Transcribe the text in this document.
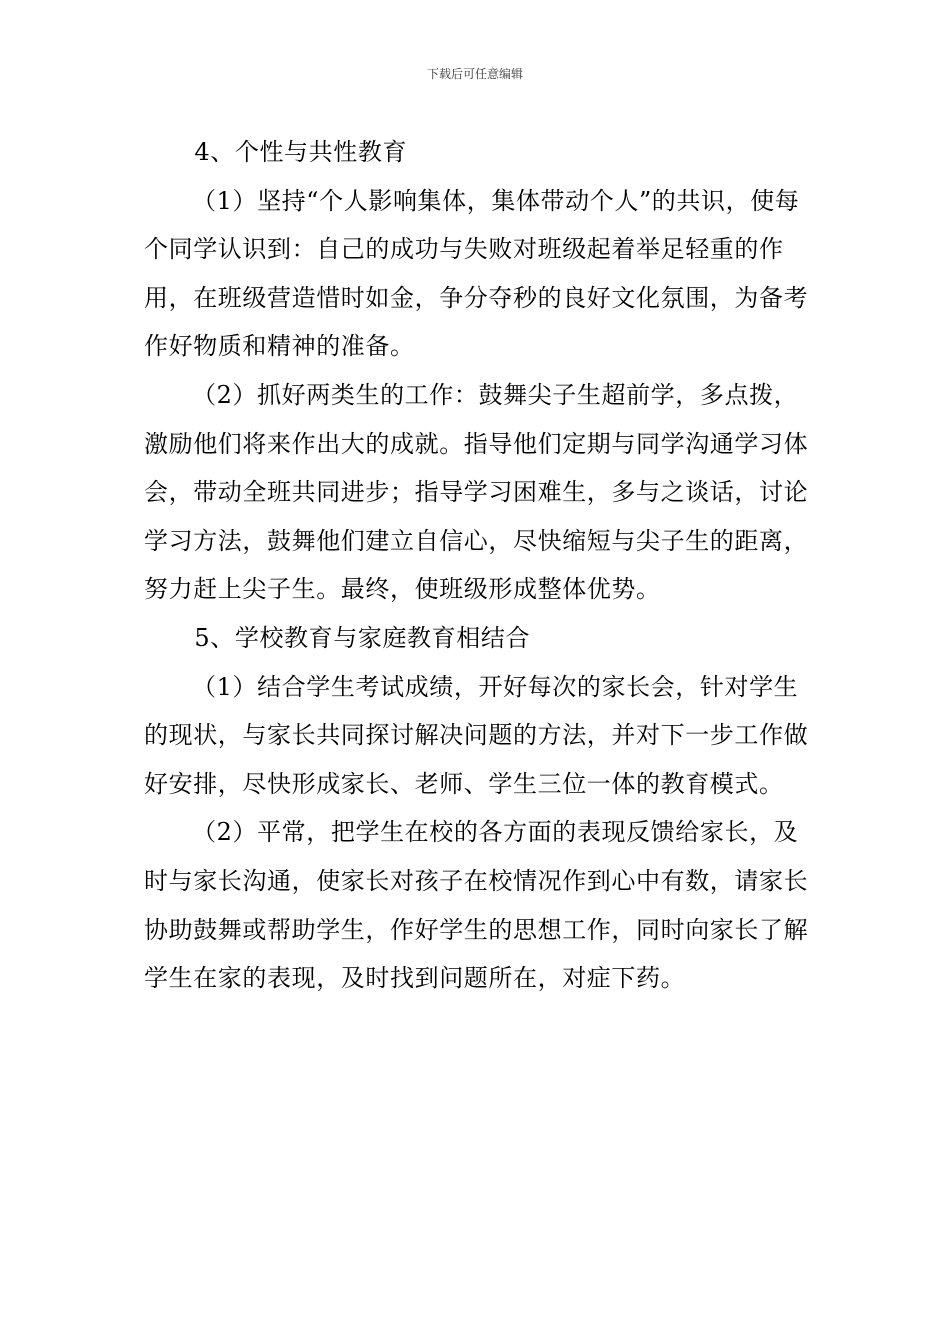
下载后可任意编辑

4、个性与共性教育

（1）坚持“个人影响集体，集体带动个人”的共识，使每个同学认识到：自己的成功与失败对班级起着举足轻重的作用，在班级营造惜时如金，争分夺秒的良好文化氛围，为备考作好物质和精神的准备。

（2）抓好两类生的工作：鼓舞尖子生超前学，多点拨，激励他们将来作出大的成就。指导他们定期与同学沟通学习体会，带动全班共同进步；指导学习困难生，多与之谈话，讨论学习方法，鼓舞他们建立自信心，尽快缩短与尖子生的距离，努力赶上尖子生。最终，使班级形成整体优势。

5、学校教育与家庭教育相结合

（1）结合学生考试成绩，开好每次的家长会，针对学生的现状，与家长共同探讨解决问题的方法，并对下一步工作做好安排，尽快形成家长、老师、学生三位一体的教育模式。

（2）平常，把学生在校的各方面的表现反馈给家长，及时与家长沟通，使家长对孩子在校情况作到心中有数，请家长协助鼓舞或帮助学生，作好学生的思想工作，同时向家长了解学生在家的表现，及时找到问题所在，对症下药。
